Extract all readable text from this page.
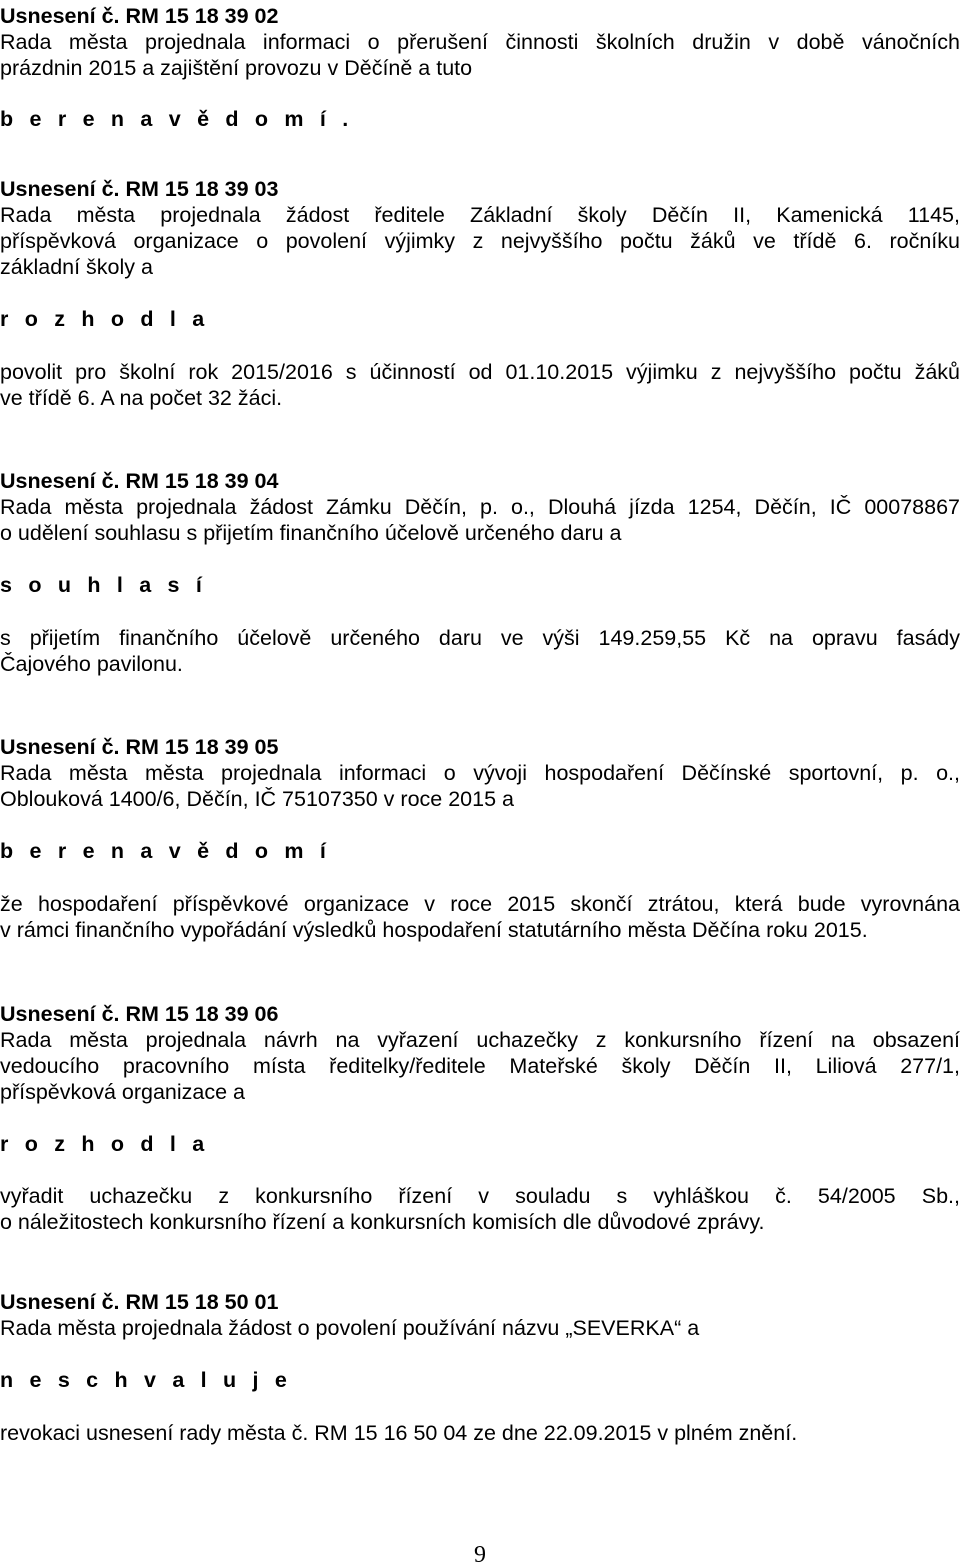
Usnesení č. RM 15 18 39 02
Rada města projednala informaci o přerušení činnosti školních družin v době vánočních
prázdnin 2015 a zajištění provozu v Děčíně a tuto
b e r e n a v ě d o m í .
Usnesení č. RM 15 18 39 03
Rada města projednala žádost ředitele Základní školy Děčín II, Kamenická 1145,
příspěvková organizace o povolení výjimky z nejvyššího počtu žáků ve třídě 6. ročníku
základní školy a
r o z h o d l a
povolit pro školní rok 2015/2016 s účinností od 01.10.2015 výjimku z nejvyššího počtu žáků
ve třídě 6. A na počet 32 žáci.
Usnesení č. RM 15 18 39 04
Rada města projednala žádost Zámku Děčín, p. o., Dlouhá jízda 1254, Děčín, IČ 00078867
o udělení souhlasu s přijetím finančního účelově určeného daru a
s o u h l a s í
s přijetím finančního účelově určeného daru ve výši 149.259,55 Kč na opravu fasády
Čajového pavilonu.
Usnesení č. RM 15 18 39 05
Rada města města projednala informaci o vývoji hospodaření Děčínské sportovní, p. o.,
Oblouková 1400/6, Děčín, IČ 75107350 v roce 2015 a
b e r e n a v ě d o m í
že hospodaření příspěvkové organizace v roce 2015 skončí ztrátou, která bude vyrovnána
v rámci finančního vypořádání výsledků hospodaření statutárního města Děčína roku 2015.
Usnesení č. RM 15 18 39 06
Rada města projednala návrh na vyřazení uchazečky z konkursního řízení na obsazení
vedoucího pracovního místa ředitelky/ředitele Mateřské školy Děčín II, Liliová 277/1,
příspěvková organizace a
r o z h o d l a
vyřadit uchazečku z konkursního řízení v souladu s vyhláškou č. 54/2005 Sb.,
o náležitostech konkursního řízení a konkursních komisích dle důvodové zprávy.
Usnesení č. RM 15 18 50 01
Rada města projednala žádost o povolení používání názvu „SEVERKA“ a
n e s c h v a l u j e
revokaci usnesení rady města č. RM 15 16 50 04 ze dne 22.09.2015 v plném znění.
9
